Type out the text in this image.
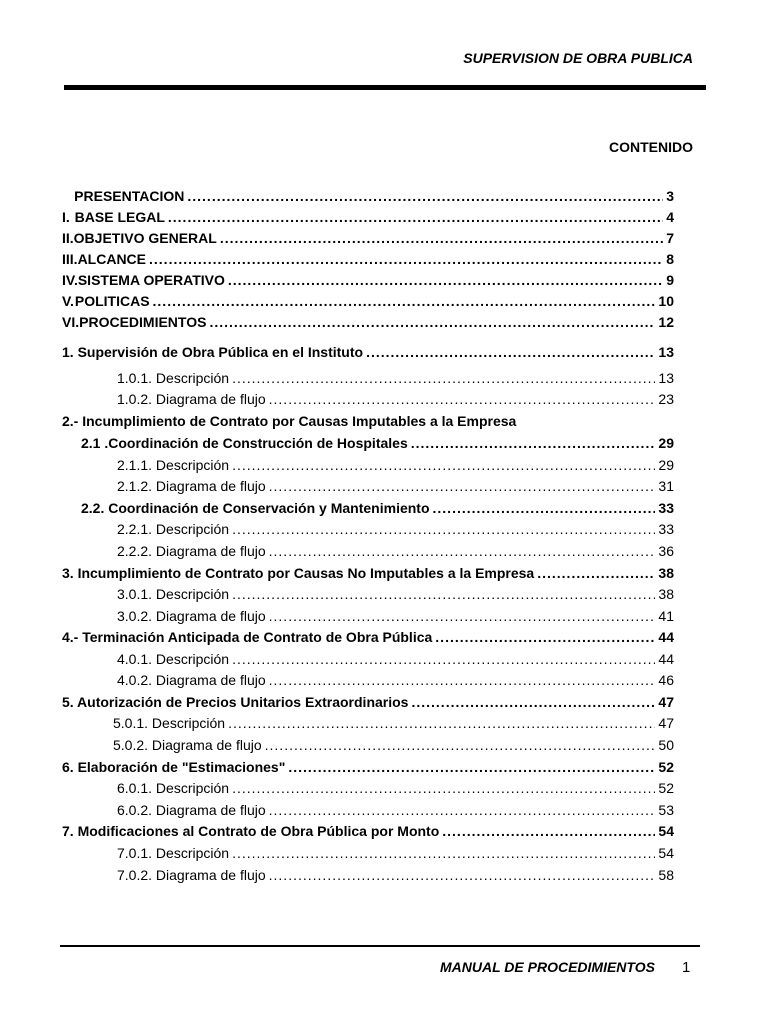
SUPERVISION DE OBRA PUBLICA
CONTENIDO
PRESENTACION .....	3
I. BASE LEGAL .....	4
II. OBJETIVO GENERAL .....	7
III. ALCANCE .....	8
IV. SISTEMA OPERATIVO .....	9
V. POLITICAS .....	10
VI. PROCEDIMIENTOS .....	12
1. Supervisión de Obra Pública en el Instituto .....	13
1.0.1. Descripción .....	13
1.0.2. Diagrama de flujo .....	23
2.- Incumplimiento de Contrato por Causas Imputables a la Empresa
2.1 .Coordinación de Construcción de Hospitales .....	29
2.1.1. Descripción .....	29
2.1.2. Diagrama de flujo .....	31
2.2. Coordinación de Conservación y Mantenimiento .....	33
2.2.1. Descripción .....	33
2.2.2. Diagrama de flujo .....	36
3. Incumplimiento de Contrato por Causas No Imputables a la Empresa .....	38
3.0.1. Descripción .....	38
3.0.2. Diagrama de flujo .....	41
4.- Terminación Anticipada de Contrato de Obra Pública .....	44
4.0.1. Descripción .....	44
4.0.2. Diagrama de flujo .....	46
5. Autorización de Precios Unitarios Extraordinarios .....	47
5.0.1. Descripción .....	47
5.0.2. Diagrama de flujo .....	50
6. Elaboración de "Estimaciones" .....	52
6.0.1. Descripción .....	52
6.0.2. Diagrama de flujo .....	53
7. Modificaciones al Contrato de Obra Pública por Monto .....	54
7.0.1. Descripción .....	54
7.0.2. Diagrama de flujo .....	58
MANUAL DE PROCEDIMIENTOS 1
